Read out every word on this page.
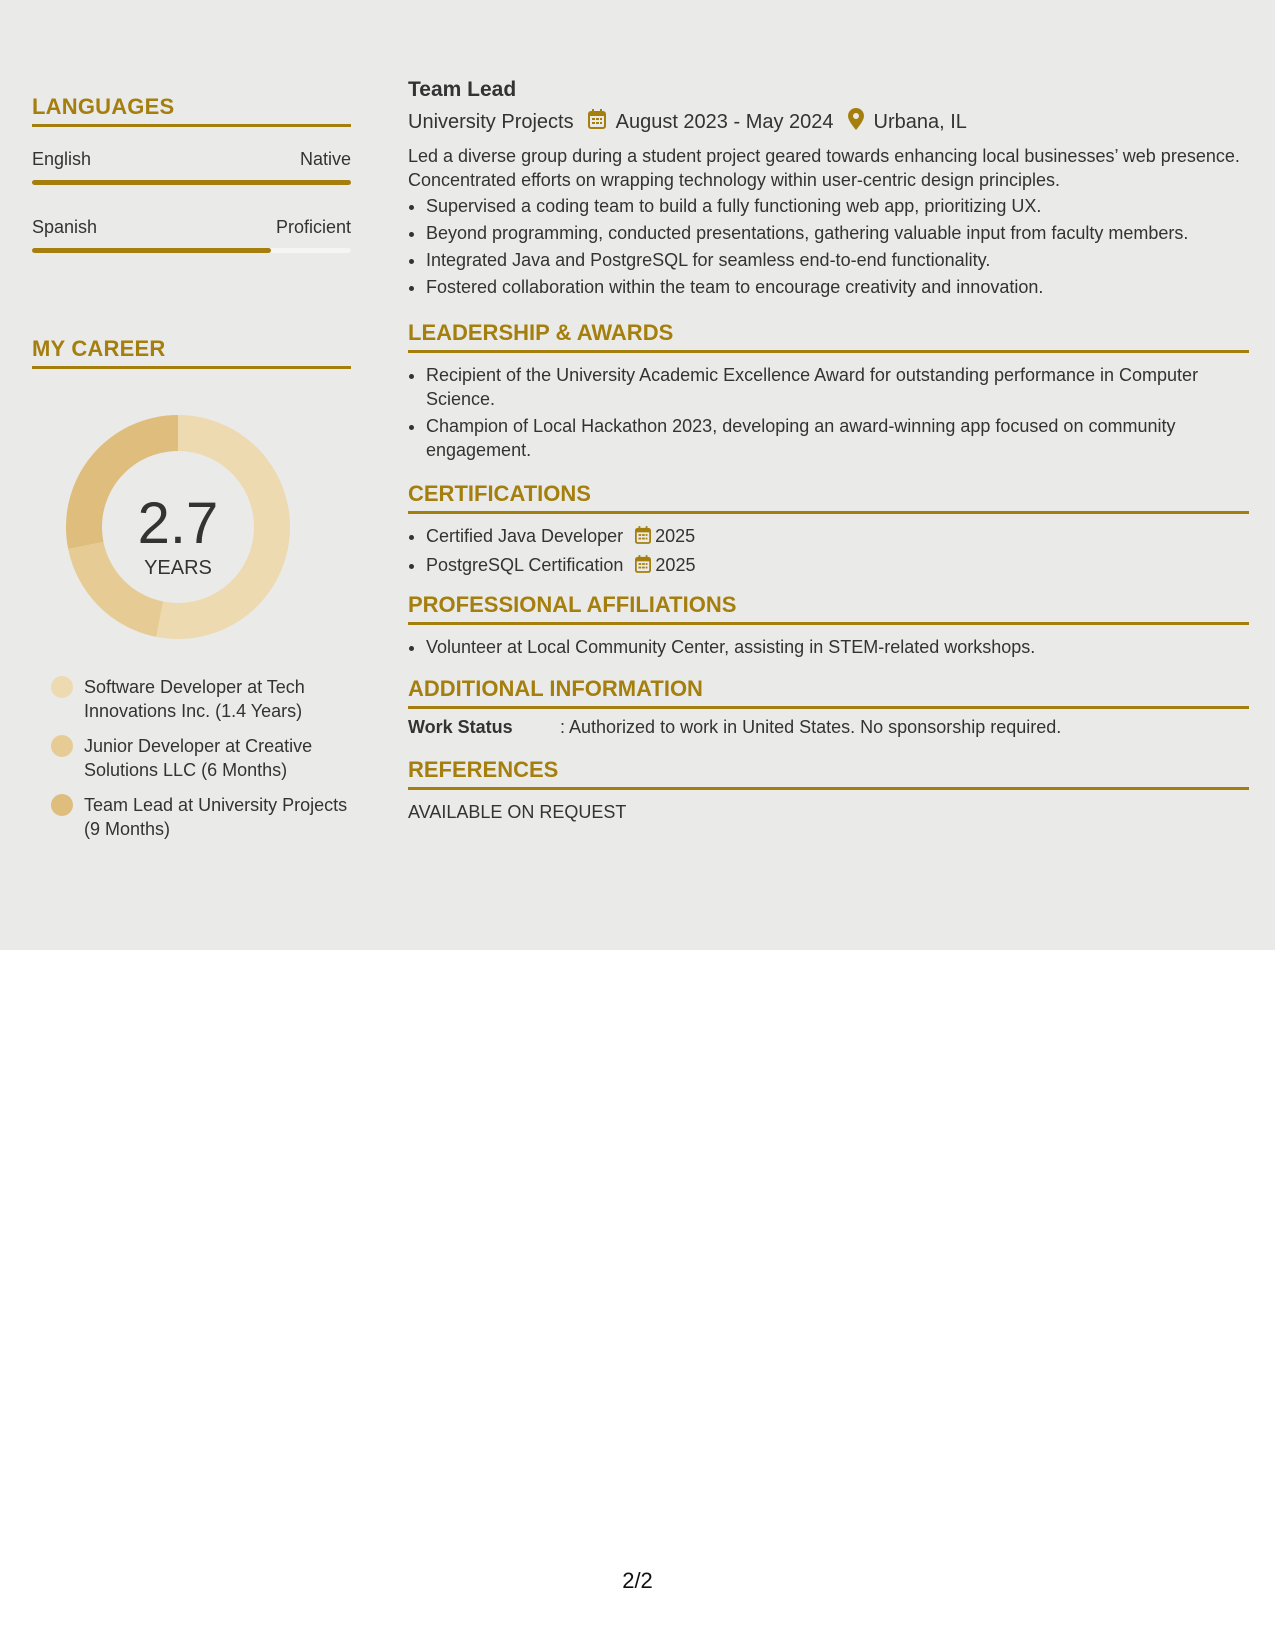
LANGUAGES
English	Native
Spanish	Proficient
MY CAREER
2.7
YEARS
Software Developer at Tech Innovations Inc. (1.4 Years)
Junior Developer at Creative Solutions LLC (6 Months)
Team Lead at University Projects (9 Months)
Team Lead
University Projects August 2023 - May 2024 Urbana, IL
Led a diverse group during a student project geared towards enhancing local businesses’ web presence. Concentrated efforts on wrapping technology within user-centric design principles.
• Supervised a coding team to build a fully functioning web app, prioritizing UX.
• Beyond programming, conducted presentations, gathering valuable input from faculty members.
• Integrated Java and PostgreSQL for seamless end-to-end functionality.
• Fostered collaboration within the team to encourage creativity and innovation.
LEADERSHIP & AWARDS
• Recipient of the University Academic Excellence Award for outstanding performance in Computer Science.
• Champion of Local Hackathon 2023, developing an award-winning app focused on community engagement.
CERTIFICATIONS
• Certified Java Developer 2025
• PostgreSQL Certification 2025
PROFESSIONAL AFFILIATIONS
• Volunteer at Local Community Center, assisting in STEM-related workshops.
ADDITIONAL INFORMATION
Work Status	: Authorized to work in United States. No sponsorship required.
REFERENCES
AVAILABLE ON REQUEST
2/2
